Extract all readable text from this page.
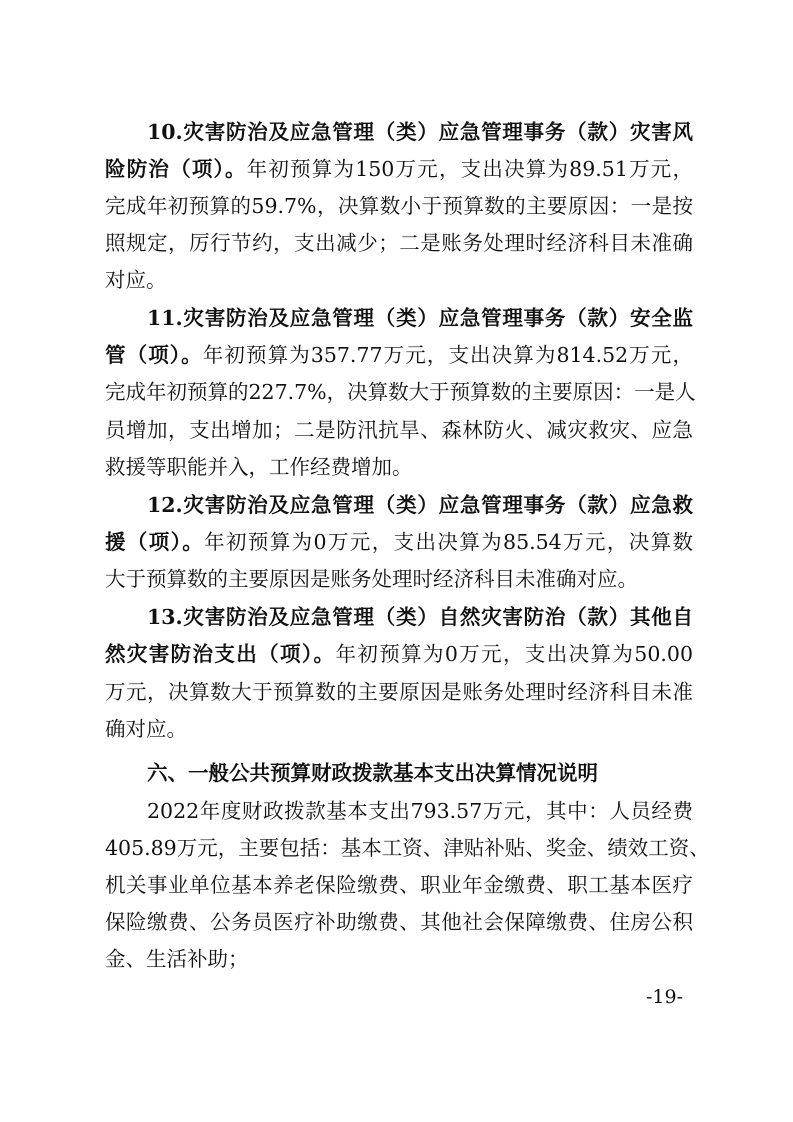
10.灾害防治及应急管理（类）应急管理事务（款）灾害风
险防治（项）。年初预算为150万元，支出决算为89.51万元，
完成年初预算的59.7%，决算数小于预算数的主要原因：一是按
照规定，厉行节约，支出减少；二是账务处理时经济科目未准确
对应。
11.灾害防治及应急管理（类）应急管理事务（款）安全监
管（项）。年初预算为357.77万元，支出决算为814.52万元，
完成年初预算的227.7%，决算数大于预算数的主要原因：一是人
员增加，支出增加；二是防汛抗旱、森林防火、减灾救灾、应急
救援等职能并入，工作经费增加。
12.灾害防治及应急管理（类）应急管理事务（款）应急救
援（项）。年初预算为0万元，支出决算为85.54万元，决算数
大于预算数的主要原因是账务处理时经济科目未准确对应。
13.灾害防治及应急管理（类）自然灾害防治（款）其他自
然灾害防治支出（项）。年初预算为0万元，支出决算为50.00
万元，决算数大于预算数的主要原因是账务处理时经济科目未准
确对应。
六、一般公共预算财政拨款基本支出决算情况说明
2022年度财政拨款基本支出793.57万元，其中：人员经费
405.89万元，主要包括：基本工资、津贴补贴、奖金、绩效工资、
机关事业单位基本养老保险缴费、职业年金缴费、职工基本医疗
保险缴费、公务员医疗补助缴费、其他社会保障缴费、住房公积
金、生活补助；
-19-
